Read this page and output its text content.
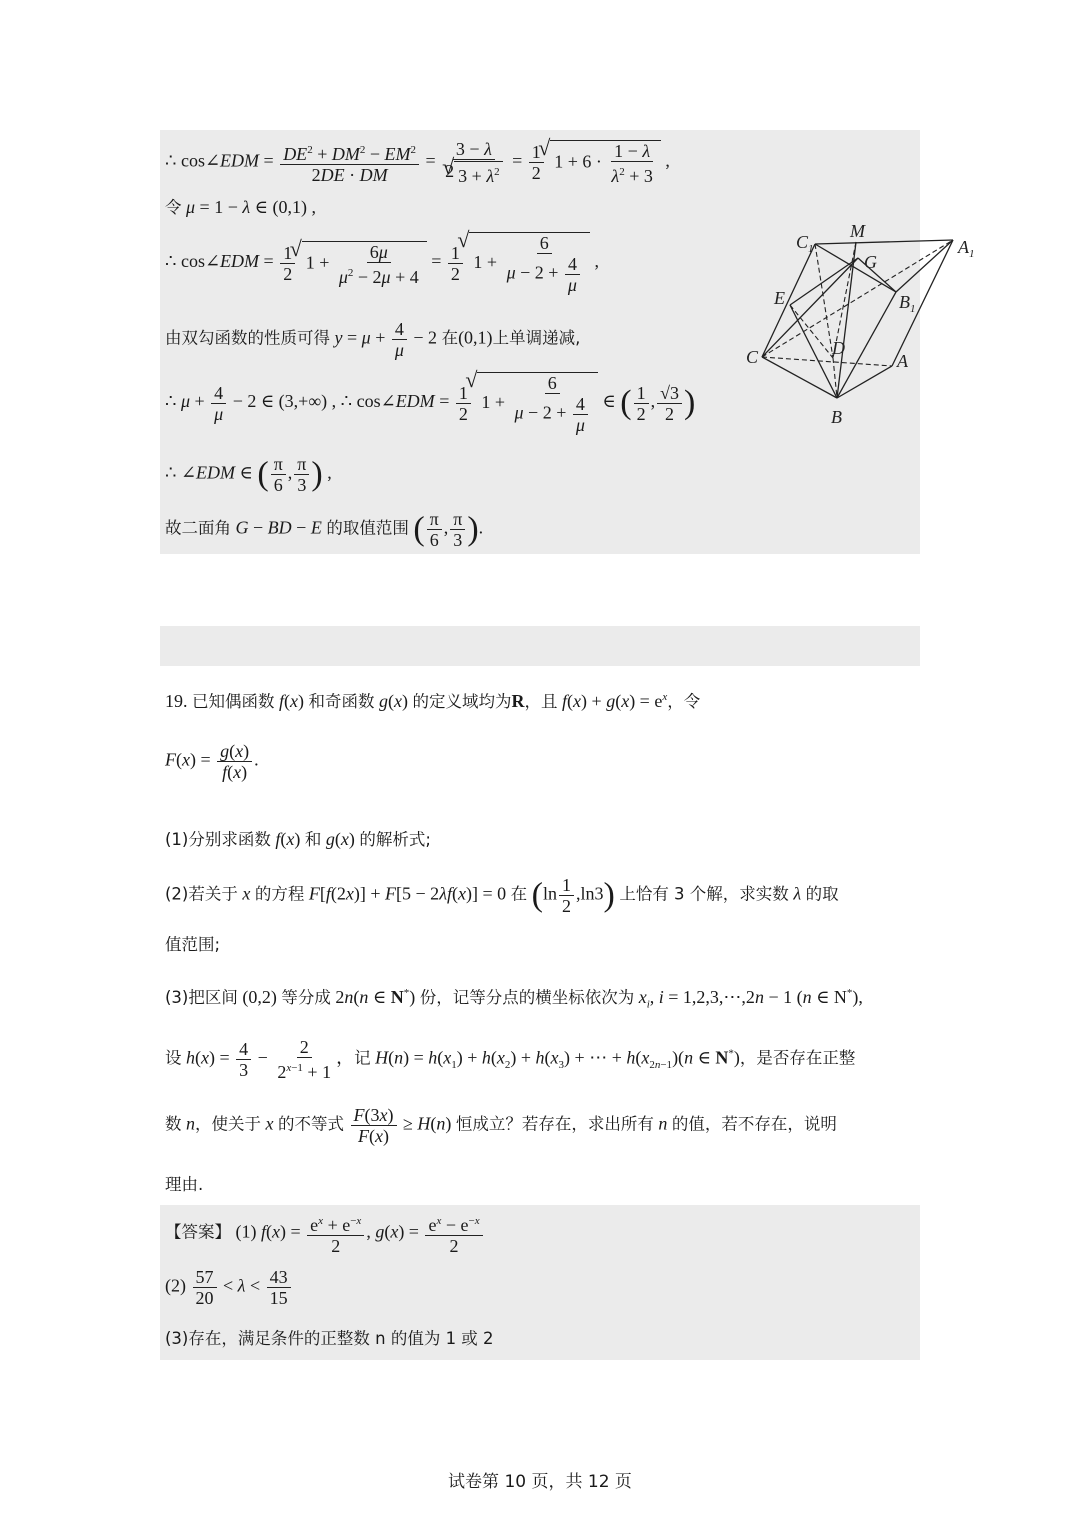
$C_1$
M
G
$A_1$
E	$B_1$
D
C	A
B
∴ cos∠EDM = $\frac{DE^2 + DM^2 - EM^2}{2DE \cdot DM} = \frac{3 - \lambda}{2 √ 3 + \lambda^2} = \frac{1}{2}$ √ $1 + 6 \cdot \frac{1 - \lambda}{\lambda^2 + 3}$ ,
令 μ = 1 − λ ∈ (0,1) ,
∴ cos∠EDM = $\frac{1}{2}$ √ $1 + \frac{6\mu}{\mu^2 - 2\mu + 4} = \frac{1}{2}$ √ $1 + \frac{6}{\mu - 2 + \frac{4}{\mu}}$ ,
由双勾函数的性质可得 $y = \mu + \frac{4}{\mu} - 2$ 在(0,1)上单调递减,
∴ $\mu + \frac{4}{\mu} - 2$ ∈ (3,+∞) , ∴ cos∠EDM = $\frac{1}{2}$ √ $1 + \frac{6}{\mu - 2 + \frac{4}{\mu}}$ ∈ ( $\frac{1}{2}$ , $\frac{√3}{2}$ )
∴ ∠EDM ∈ ( $\frac{\pi}{6}$ , $\frac{\pi}{3}$ ) ,
故二面角 G − BD − E 的取值范围 ( $\frac{\pi}{6}$ , $\frac{\pi}{3}$ ).
19. 已知偶函数 f(x) 和奇函数 g(x) 的定义域均为R，且 $f(x) + g(x) = e^x$，令
$F(x) = \frac{g(x)}{f(x)}$ .
(1)分别求函数 f(x) 和 g(x) 的解析式;
(2)若关于 x 的方程 F[f(2x)] + F[5 − 2λf(x)] = 0 在 $(\ln \frac{1}{2} ,\ln 3)$ 上恰有 3 个解，求实数 λ 的取
值范围;
(3)把区间 (0,2) 等分成 2n(n ∈ N*) 份，记等分点的横坐标依次为 $x_i$, i = 1,2,3,⋯,2n − 1 (n ∈ N*),
设 $h(x) = \frac{4}{3} - \frac{2}{2^{x-1} + 1}$ ，记 $H(n) = h(x_1) + h(x_2) + h(x_3)$ + ⋯ + $h(x_{2n-1})(n$ ∈ N*)，是否存在正整
数 n，使关于 x 的不等式 $\frac{F(3x)}{F(x)} \ge H(n)$ 恒成立？若存在，求出所有 n 的值，若不存在，说明
理由.
【答案】 (1) $f(x) = \frac{e^x + e^{-x}}{2}$ , $g(x) = \frac{e^x - e^{-x}}{2}$
$(2) \frac{57}{20} < \lambda < \frac{43}{15}$
(3)存在，满足条件的正整数 n 的值为 1 或 2
试卷第 10 页，共 12 页
